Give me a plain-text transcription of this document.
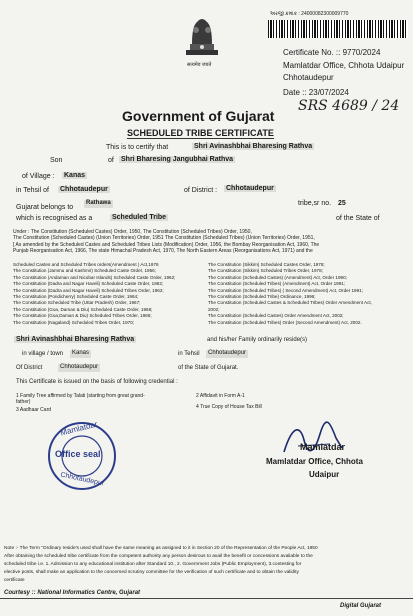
અરજી ક્રમાંક : 24000082300009770
सत्यमेव जयते
Certificate No. :: 9770/2024
Mamlatdar Office, Chhota Udaipur
Chhotaudepur
Date :: 23/07/2024
SRS 4689 / 24
Government of Gujarat
SCHEDULED TRIBE CERTIFICATE
This is to certify that	Shri Avinashbhai Bharesing Rathva
Son	of Shri Bharesing Jangubhai Rathva
of Village : Kanas
in Tehsil of Chhotaudepur	of District : Chhotaudepur
Gujarat belongs to
Rathawa	tribe,sr no. 25
which is recognised as a	Scheduled Tribe	of the State of
Under : The Constitution (Scheduled Castes) Order, 1950, The Constitution (Scheduled Tribes) Order, 1950,
The Constitution (Scheduled Castes) (Union Territories) Order, 1951 The Constitution (Scheduled Tribes) (Union Territories) Order, 1951,
[ As amended by the Scheduled Castes and Scheduled Tribes Lists (Modification) Order, 1956, the Bombay Reorganisation Act, 1960, The
Punjab Reorganisation Act, 1966, The state Himachal Pradesh Act, 1970, The North Eastern Areas (Reorganisations Act, 1971) and the
Scheduled Castes and Scheduled Tribes orders(Amendment ) Act,1976
The Constitution (Jammu and Kashmir) Scheduled Caste Order, 1956;
The Constitution (Andaman and Nicobar Islands) Scheduled Caste Order, 1962;
The Constitution (Dadra and Nagar Haveli) Scheduled Caste Order, 1962;
The Constitution (Dadra and Nagar Haveli) Scheduled Tribes Order, 1962;
The Constitution (Pondicherry) Scheduled Caste Order, 1964;
The Constitution Scheduled Tribe (Uttar Pradesh) Order, 1967;
The Constitution (Goa, Daman & Diu) Scheduled Caste Order, 1968;
The Constitution (Goa,Daman & Diu) Scheduled Tribes Order, 1968;
The Constitution (Nagaland) Scheduled Tribes Order, 1970;
The Constitution (Sikkim) Scheduled Castes Order, 1978;
The Constitution (Sikkim) Scheduled Tribes Order, 1978;
The Constitution (Scheduled Castes) (Amendment) Act, Order 1990;
The Constitution (Scheduled Tribes) (Amendment) Act, Order 1991;
The Constitution (Scheduled Tribes) ( Second Amendment) Act, Order 1991;
The Constitution (Scheduled Tribe) Ordinance, 1996;
The Constitution (Scheduled Castes & Scheduled Tribes) Order Amendment Act,
2002;
The Constitution (Scheduled Castes) Order Amendment Act, 2002;
The Constitution (Scheduled Tribes) Order (Second Amendment) Act, 2002.
Shri Avinashbhai Bharesing Rathva	and his/her Family ordinarily reside(s)
in village / town	Kanas	in Tehsil	Chhotaudepur
Of District	Chhotaudepur	of the State of Gujarat.
This Certificate is issued on the basis of following credential :
1 Family Tree affirmed by Talati (starting from great grand-
father)
3 Aadhaar Card
2 Affidavit in Form A-1
4 True Copy of House Tax Bill
Mamlatdar
Office seal
Chhotaudepur
Mamlatdar
Mamlatdar Office, Chhota
Udaipur
Note :- The Term "Ordinary reside's used shall have the same meaning as assigned to it in Section 20 of the Representation of the People Act, 1950
After obtaining the scheduled tribe certificate from the competent authority any person desirous to avail the benefit or concessions available to the
scheduled tribe i.e. 1. Admission to any educational institution after Standard 10., 2. Government Jobs (Public Employment), 3.contesting for
elective posts, shall make an application to the concerned scrutiny committee for the verification of such certificate and to obtain the validity
certificate
Courtesy :: National Informatics Centre, Gujarat
Digital Gujarat
